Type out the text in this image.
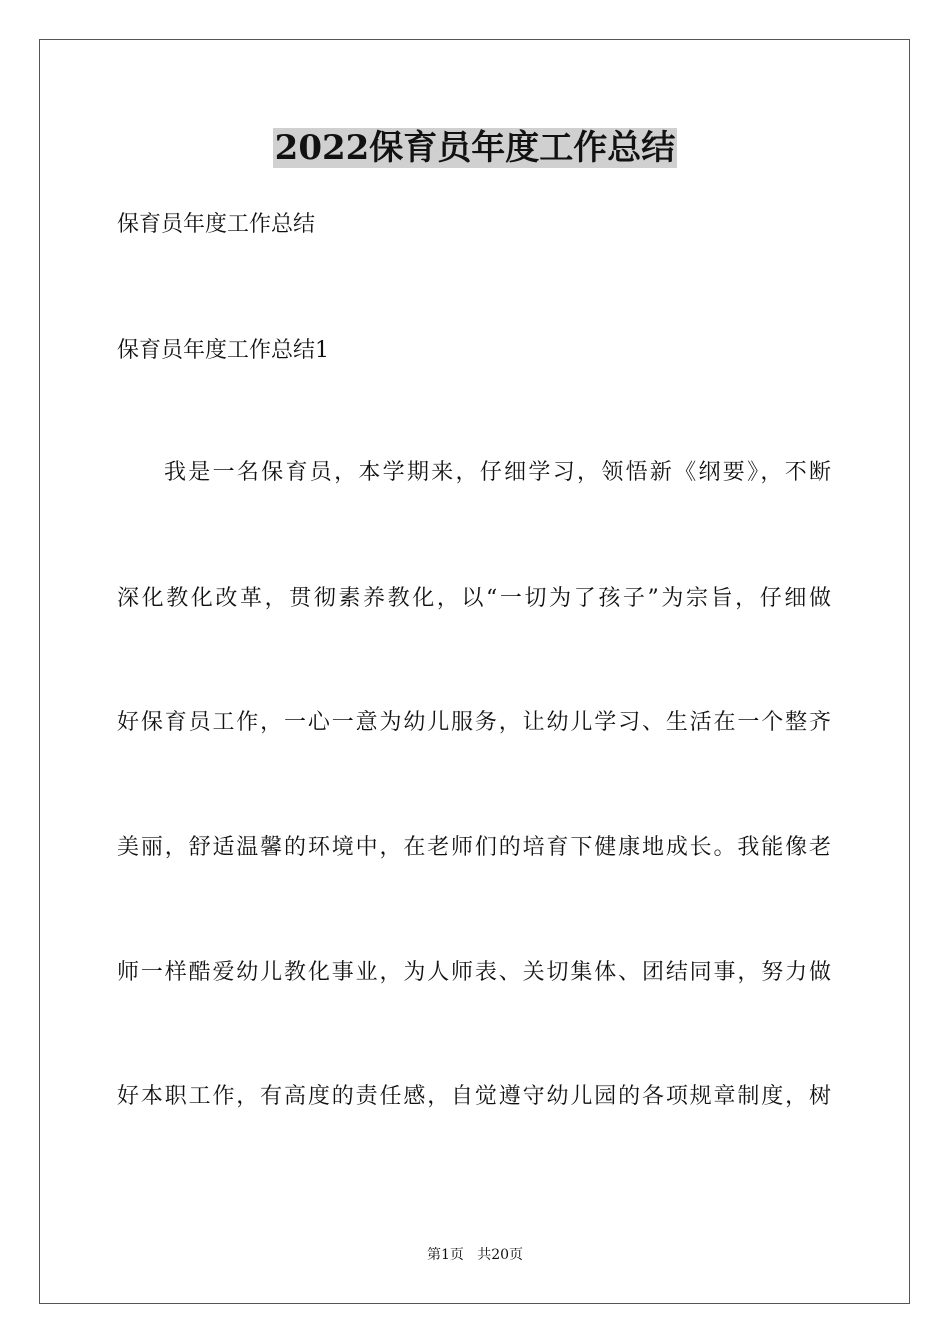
2022保育员年度工作总结
保育员年度工作总结
保育员年度工作总结1
我是一名保育员，本学期来，仔细学习，领悟新《纲要》，不断
深化教化改革，贯彻素养教化，以“一切为了孩子”为宗旨，仔细做
好保育员工作，一心一意为幼儿服务，让幼儿学习、生活在一个整齐
美丽，舒适温馨的环境中，在老师们的培育下健康地成长。我能像老
师一样酷爱幼儿教化事业，为人师表、关切集体、团结同事，努力做
好本职工作，有高度的责任感，自觉遵守幼儿园的各项规章制度，树
第1页   共20页
